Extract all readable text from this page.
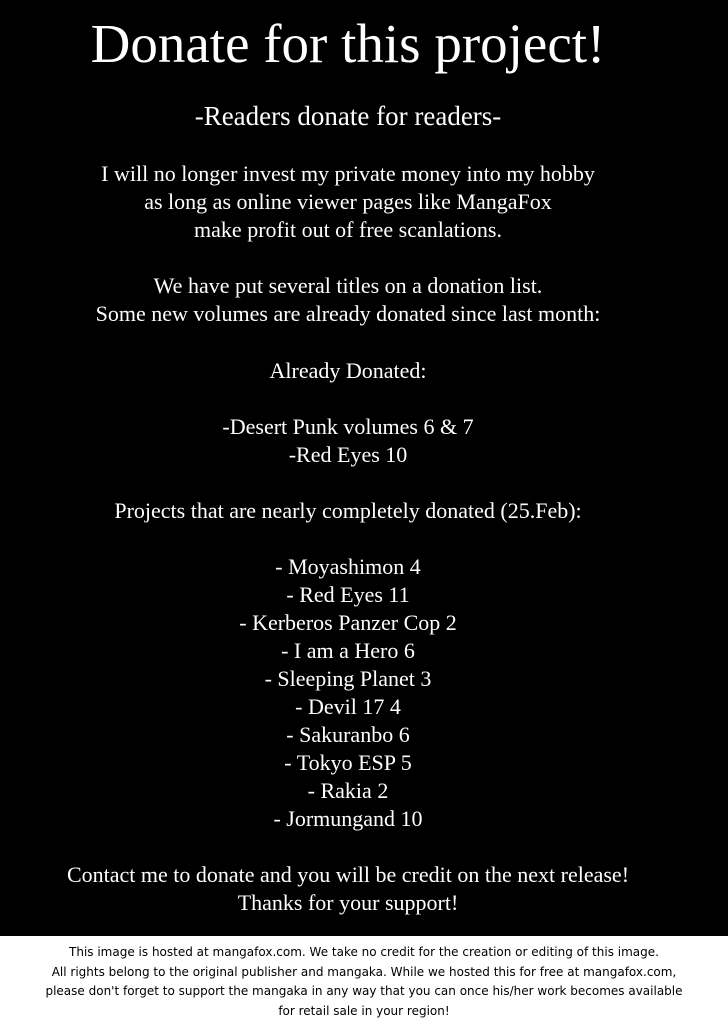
Donate for this project!
-Readers donate for readers-
I will no longer invest my private money into my hobby
as long as online viewer pages like MangaFox
make profit out of free scanlations.
We have put several titles on a donation list.
Some new volumes are already donated since last month:
Already Donated:
-Desert Punk volumes 6 & 7
-Red Eyes 10
Projects that are nearly completely donated (25.Feb):
- Moyashimon 4
- Red Eyes 11
- Kerberos Panzer Cop 2
- I am a Hero 6
- Sleeping Planet 3
- Devil 17 4
- Sakuranbo 6
- Tokyo ESP 5
- Rakia 2
- Jormungand 10
Contact me to donate and you will be credit on the next release!
Thanks for your support!
This image is hosted at mangafox.com. We take no credit for the creation or editing of this image.
All rights belong to the original publisher and mangaka. While we hosted this for free at mangafox.com,
please don't forget to support the mangaka in any way that you can once his/her work becomes available
for retail sale in your region!
